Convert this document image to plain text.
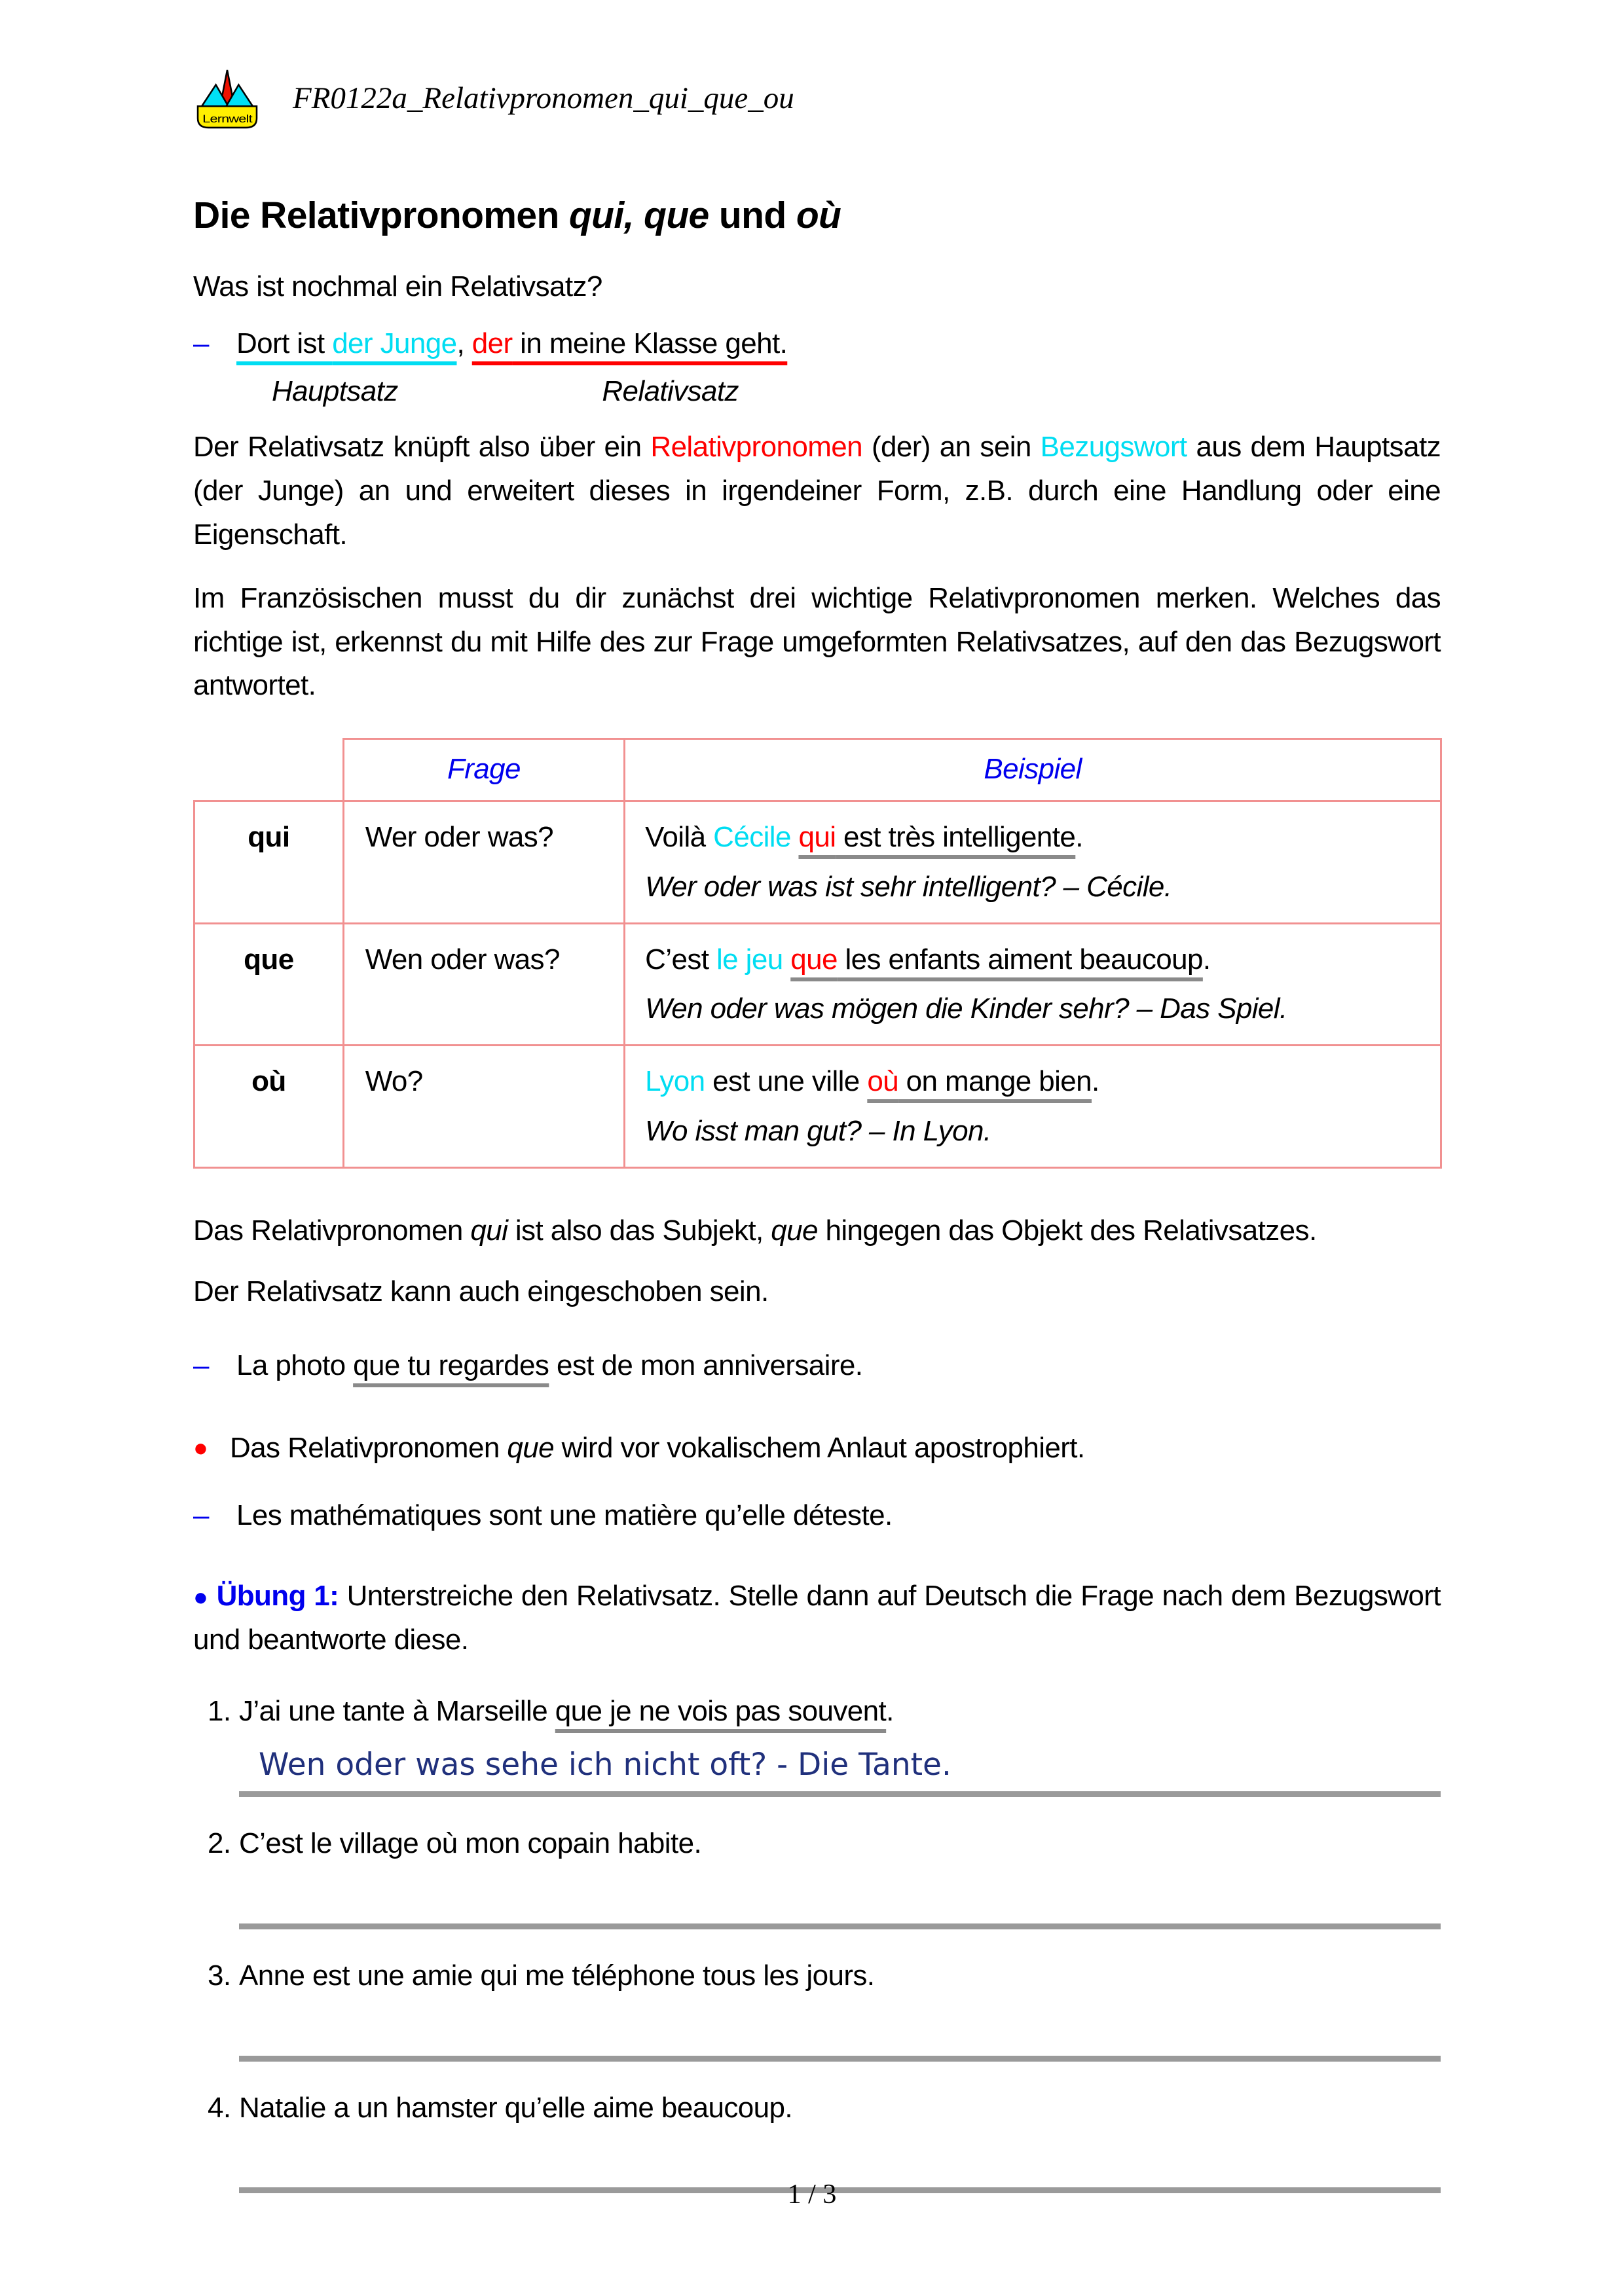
Lernwelt
FR0122a_Relativpronomen_qui_que_ou
Die Relativpronomen qui, que und où
Was ist nochmal ein Relativsatz?
– Dort ist der Junge, der in meine Klasse geht.
Hauptsatz	Relativsatz
Der Relativsatz knüpft also über ein Relativpronomen (der) an sein Bezugswort aus dem Hauptsatz (der Junge) an und erweitert dieses in irgendeiner Form, z.B. durch eine Handlung oder eine Eigenschaft.
Im Französischen musst du dir zunächst drei wichtige Relativpronomen merken. Welches das richtige ist, erkennst du mit Hilfe des zur Frage umgeformten Relativsatzes, auf den das Bezugswort antwortet.
	Frage	Beispiel
qui	Wer oder was?	Voilà Cécile qui est très intelligente.
Wer oder was ist sehr intelligent? – Cécile.

que	Wen oder was?	C’est le jeu que les enfants aiment beaucoup.
Wen oder was mögen die Kinder sehr? – Das Spiel.

où	Wo?	Lyon est une ville où on mange bien.
Wo isst man gut? – In Lyon.
Das Relativpronomen qui ist also das Subjekt, que hingegen das Objekt des Relativsatzes.
Der Relativsatz kann auch eingeschoben sein.
– La photo que tu regardes est de mon anniversaire.
● Das Relativpronomen que wird vor vokalischem Anlaut apostrophiert.
– Les mathématiques sont une matière qu’elle déteste.
● Übung 1: Unterstreiche den Relativsatz. Stelle dann auf Deutsch die Frage nach dem Bezugswort und beantworte diese.
1. J’ai une tante à Marseille que je ne vois pas souvent.
Wen oder was sehe ich nicht oft? - Die Tante.
2. C’est le village où mon copain habite.
3. Anne est une amie qui me téléphone tous les jours.
4. Natalie a un hamster qu’elle aime beaucoup.
1 / 3
